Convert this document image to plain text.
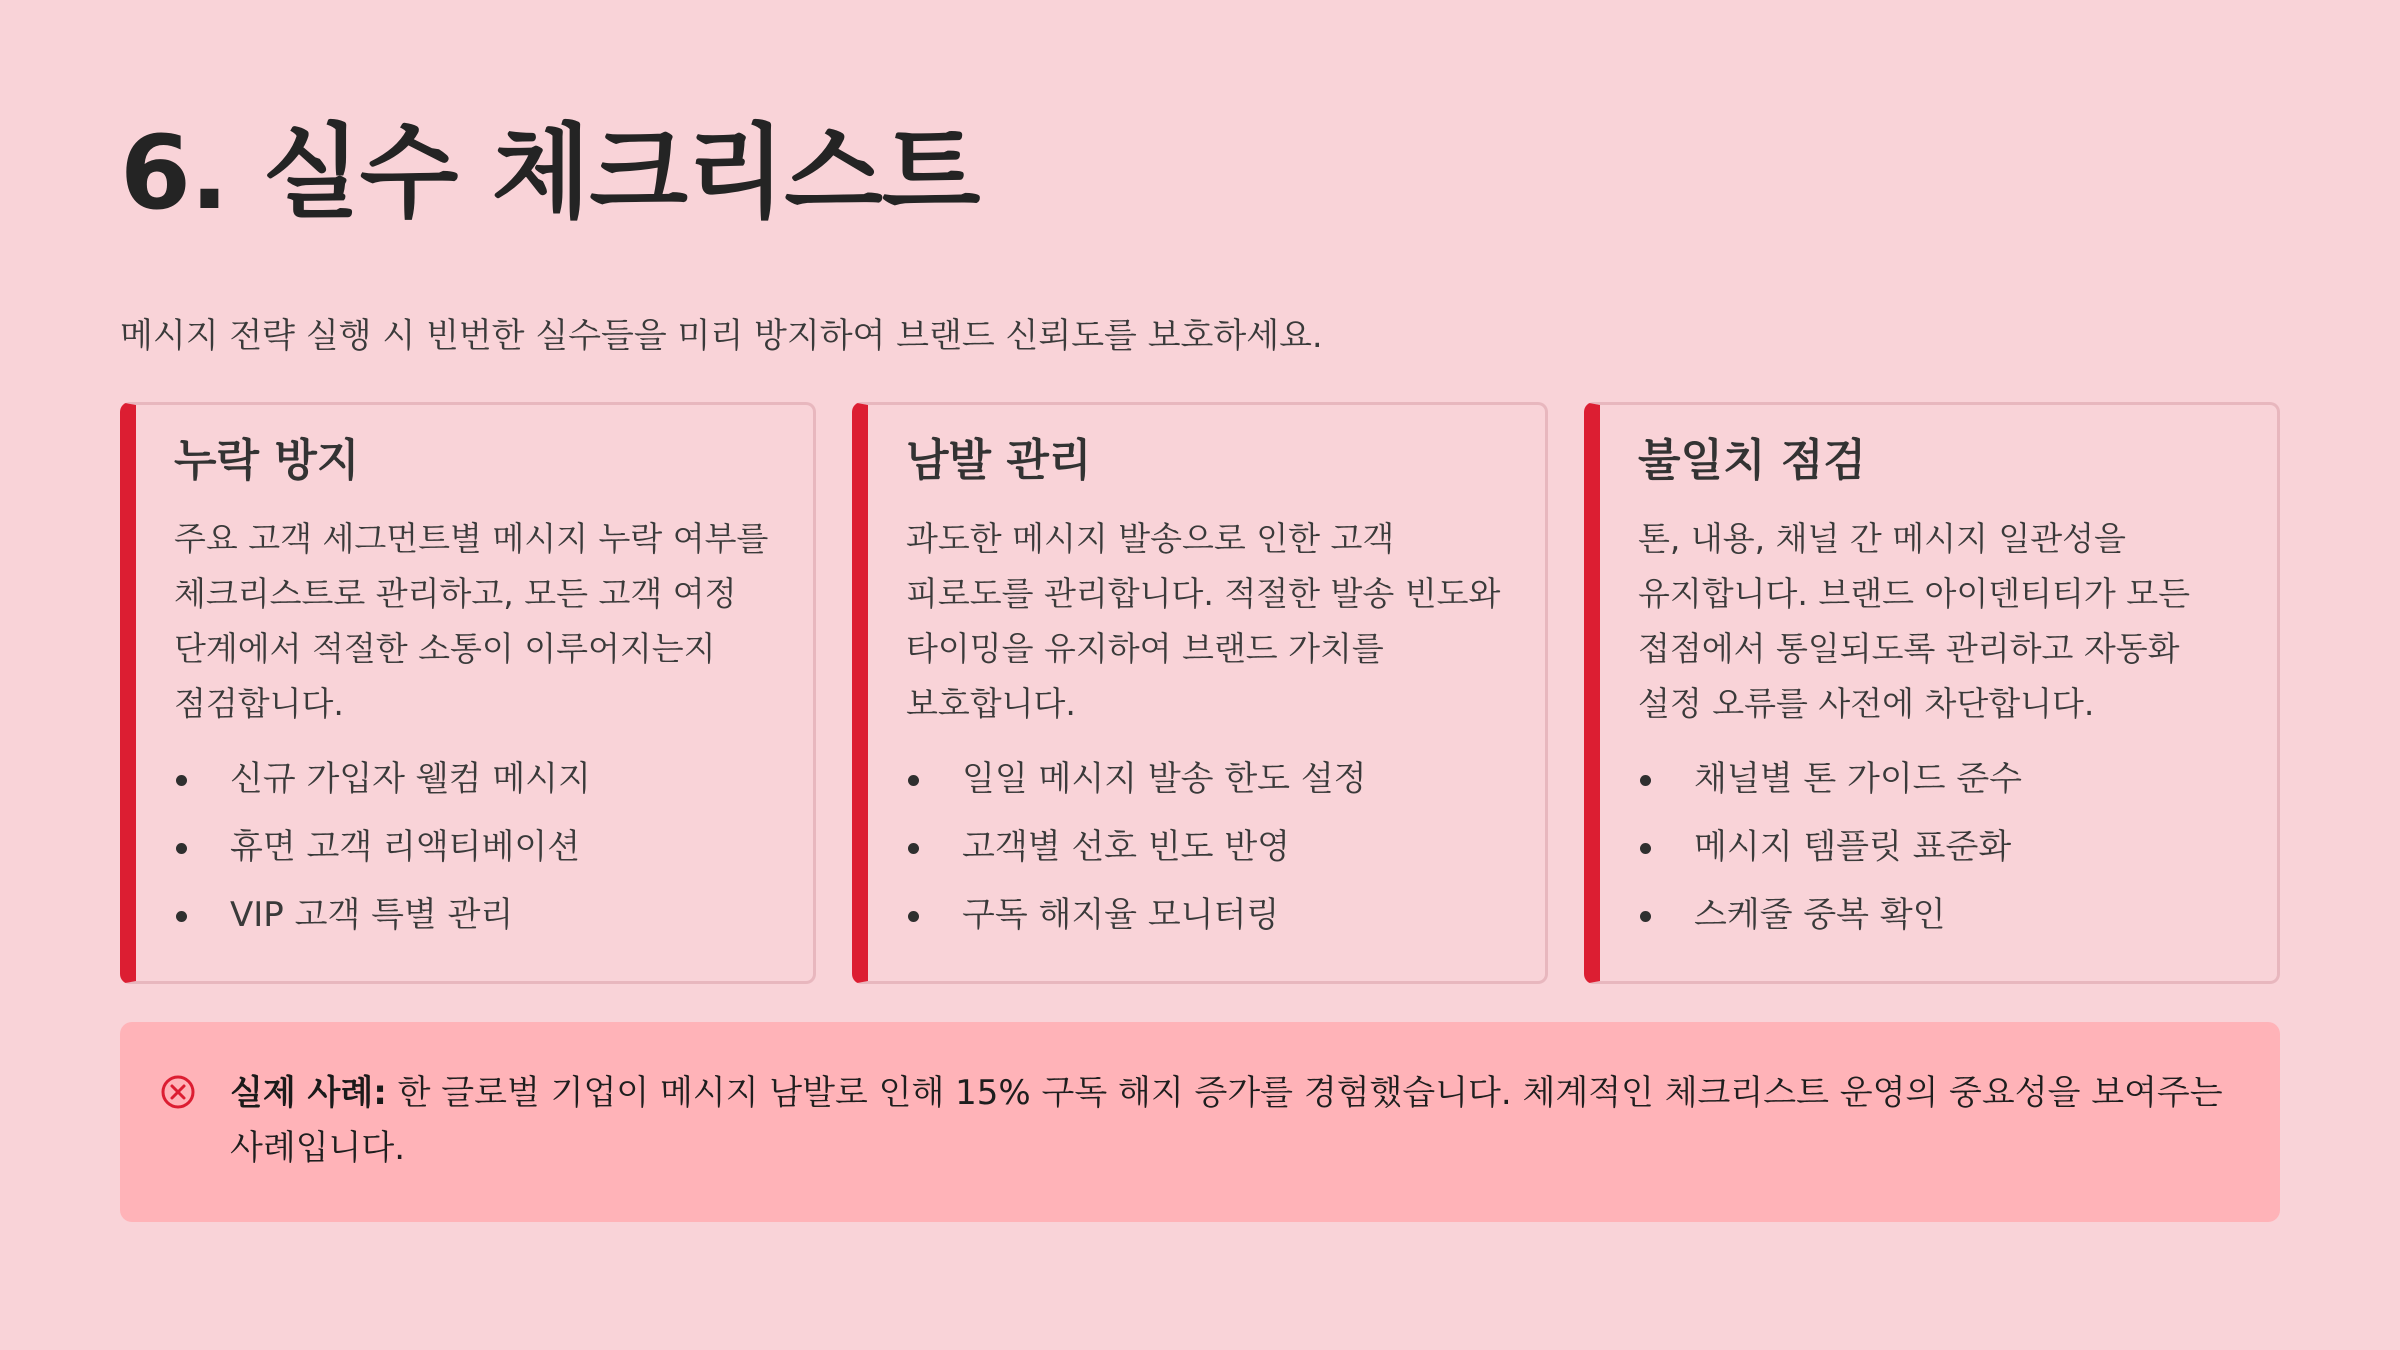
6. 실수 체크리스트

메시지 전략 실행 시 빈번한 실수들을 미리 방지하여 브랜드 신뢰도를 보호하세요.

누락 방지

주요 고객 세그먼트별 메시지 누락 여부를 체크리스트로 관리하고, 모든 고객 여정 단계에서 적절한 소통이 이루어지는지 점검합니다.

신규 가입자 웰컴 메시지
휴면 고객 리액티베이션
VIP 고객 특별 관리
남발 관리

과도한 메시지 발송으로 인한 고객 피로도를 관리합니다. 적절한 발송 빈도와 타이밍을 유지하여 브랜드 가치를 보호합니다.

일일 메시지 발송 한도 설정
고객별 선호 빈도 반영
구독 해지율 모니터링
불일치 점검

톤, 내용, 채널 간 메시지 일관성을 유지합니다. 브랜드 아이덴티티가 모든 접점에서 통일되도록 관리하고 자동화 설정 오류를 사전에 차단합니다.

채널별 톤 가이드 준수
메시지 템플릿 표준화
스케줄 중복 확인

실제 사례: 한 글로벌 기업이 메시지 남발로 인해 15% 구독 해지 증가를 경험했습니다. 체계적인 체크리스트 운영의 중요성을 보여주는 사례입니다.
